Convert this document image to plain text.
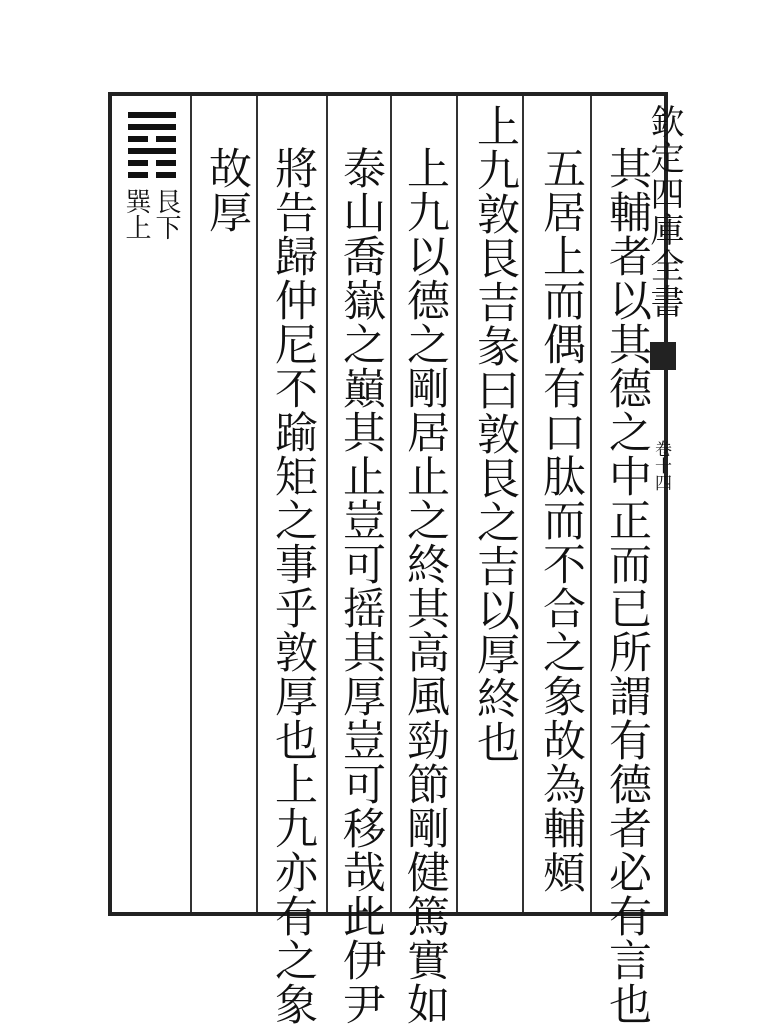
欽定四庫全書
卷十四
其輔者以其德之中正而已所謂有德者必有言也
五居上而偶有口肽而不合之象故為輔頰
上九敦艮吉彖曰敦艮之吉以厚終也
上九以德之剛居止之終其高風勁節剛健篤實如
泰山喬嶽之巔其止豈可摇其厚豈可移哉此伊尹
將告歸仲尼不踰矩之事乎敦厚也上九亦有之象
故厚
艮下
巽上
